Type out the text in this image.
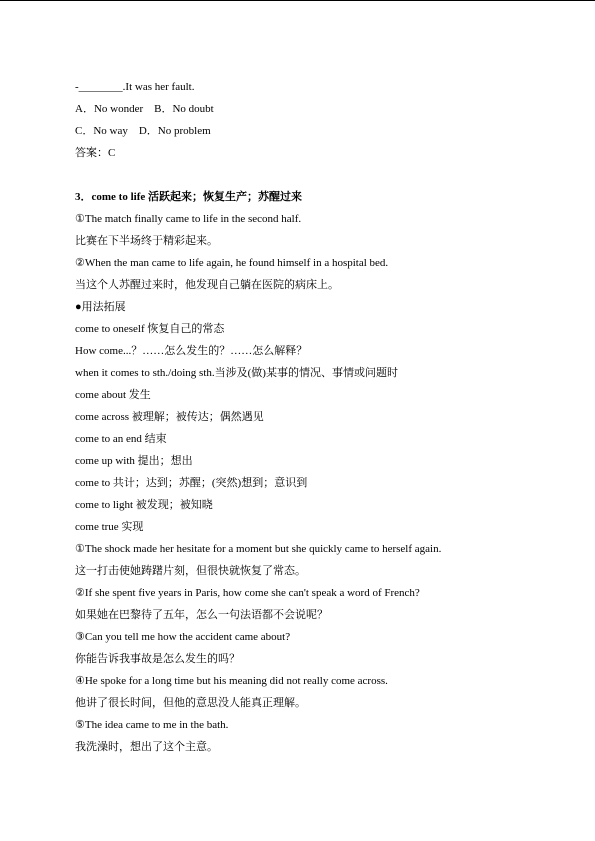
-________.It was her fault.
A．No wonder　B．No doubt
C．No way　D．No problem
答案：C
3．come to life 活跃起来；恢复生产；苏醒过来
①The match finally came to life in the second half.
比赛在下半场终于精彩起来。
②When the man came to life again, he found himself in a hospital bed.
当这个人苏醒过来时，他发现自己躺在医院的病床上。
●用法拓展
come to oneself 恢复自己的常态
How come...？……怎么发生的？……怎么解释？
when it comes to sth./doing sth.当涉及(做)某事的情况、事情或问题时
come about 发生
come across 被理解；被传达；偶然遇见
come to an end 结束
come up with 提出；想出
come to 共计；达到；苏醒；(突然)想到；意识到
come to light 被发现；被知晓
come true 实现
①The shock made her hesitate for a moment but she quickly came to herself again.
这一打击使她踌躇片刻，但很快就恢复了常态。
②If she spent five years in Paris, how come she can't speak a word of French?
如果她在巴黎待了五年，怎么一句法语都不会说呢？
③Can you tell me how the accident came about?
你能告诉我事故是怎么发生的吗？
④He spoke for a long time but his meaning did not really come across.
他讲了很长时间，但他的意思没人能真正理解。
⑤The idea came to me in the bath.
我洗澡时，想出了这个主意。
